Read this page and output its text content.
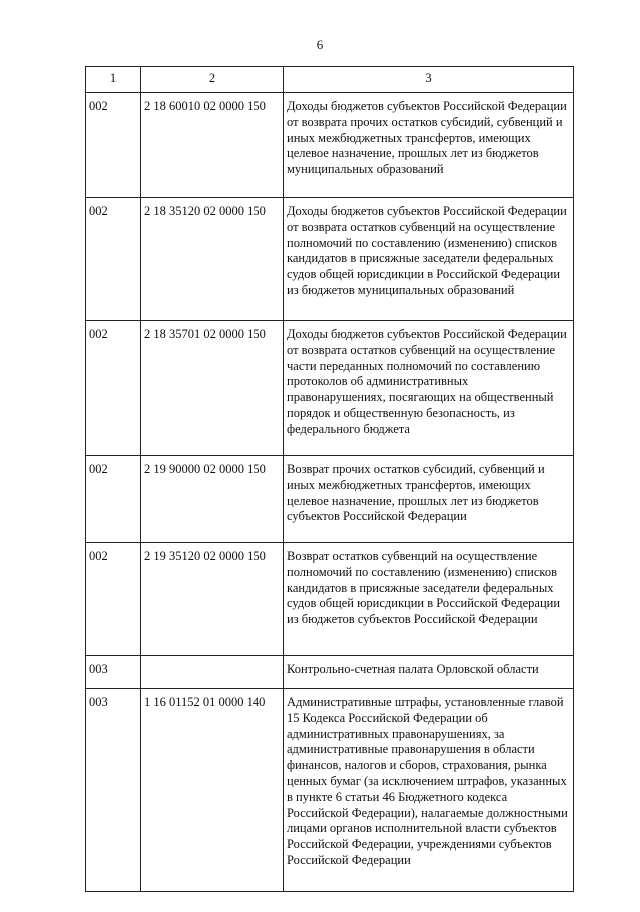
6
1	2	3
002	2 18 60010 02 0000 150	Доходы бюджетов субъектов Российской Федерации от возврата прочих остатков субсидий, субвенций и иных межбюджетных трансфертов, имеющих целевое назначение, прошлых лет из бюджетов муниципальных образований
002	2 18 35120 02 0000 150	Доходы бюджетов субъектов Российской Федерации от возврата остатков субвенций на осуществление полномочий по составлению (изменению) списков кандидатов в присяжные заседатели федеральных судов общей юрисдикции в Российской Федерации из бюджетов муниципальных образований
002	2 18 35701 02 0000 150	Доходы бюджетов субъектов Российской Федерации от возврата остатков субвенций на осуществление части переданных полномочий по составлению протоколов об административных правонарушениях, посягающих на общественный порядок и общественную безопасность, из федерального бюджета
002	2 19 90000 02 0000 150	Возврат прочих остатков субсидий, субвенций и иных межбюджетных трансфертов, имеющих целевое назначение, прошлых лет из бюджетов субъектов Российской Федерации
002	2 19 35120 02 0000 150	Возврат остатков субвенций на осуществление полномочий по составлению (изменению) списков кандидатов в присяжные заседатели федеральных судов общей юрисдикции в Российской Федерации из бюджетов субъектов Российской Федерации
003		Контрольно-счетная палата Орловской области
003	1 16 01152 01 0000 140	Административные штрафы, установленные главой 15 Кодекса Российской Федерации об административных правонарушениях, за административные правонарушения в области финансов, налогов и сборов, страхования, рынка ценных бумаг (за исключением штрафов, указанных в пункте 6 статьи 46 Бюджетного кодекса Российской Федерации), налагаемые должностными лицами органов исполнительной власти субъектов Российской Федерации, учреждениями субъектов Российской Федерации
